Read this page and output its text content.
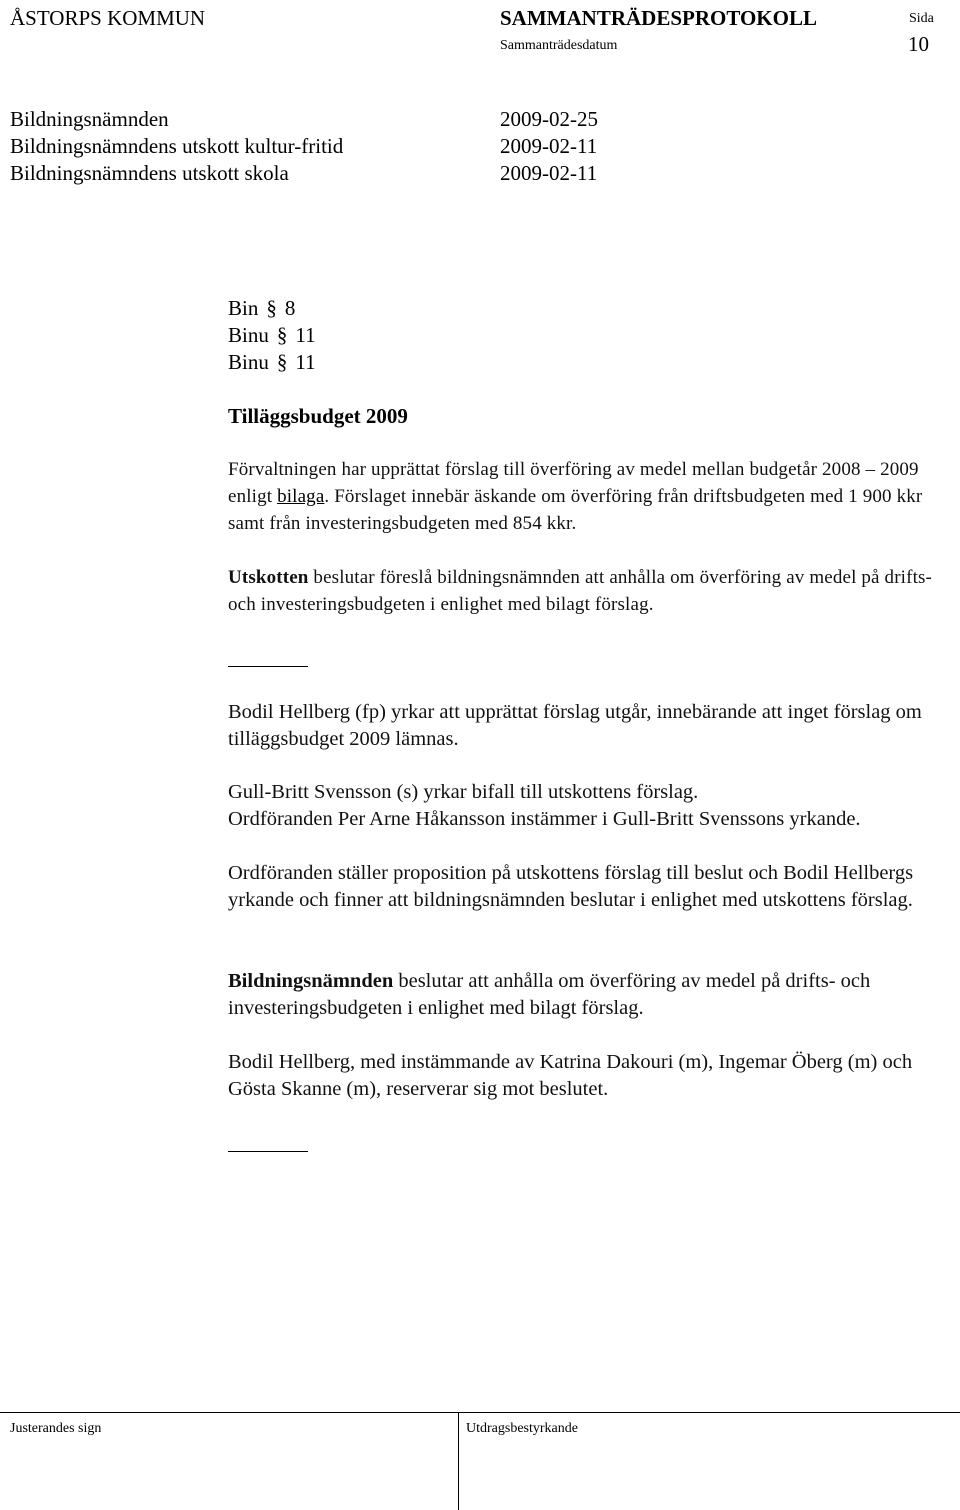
ÅSTORPS KOMMUN	SAMMANTRÄDESPROTOKOLL	Sida
Sammanträdesdatum	10
Bildningsnämnden	2009-02-25
Bildningsnämndens utskott kultur-fritid	2009-02-11
Bildningsnämndens utskott skola	2009-02-11
Bin § 8
Binu § 11
Binu § 11
Tilläggsbudget 2009
Förvaltningen har upprättat förslag till överföring av medel mellan budgetår 2008 – 2009 enligt bilaga. Förslaget innebär äskande om överföring från driftsbudgeten med 1 900 kkr samt från investeringsbudgeten med 854 kkr.
Utskotten beslutar föreslå bildningsnämnden att anhålla om överföring av medel på drifts- och investeringsbudgeten i enlighet med bilagt förslag.
Bodil Hellberg (fp) yrkar att upprättat förslag utgår, innebärande att inget förslag om tilläggsbudget 2009 lämnas.
Gull-Britt Svensson (s) yrkar bifall till utskottens förslag.
Ordföranden Per Arne Håkansson instämmer i Gull-Britt Svenssons yrkande.
Ordföranden ställer proposition på utskottens förslag till beslut och Bodil Hellbergs yrkande och finner att bildningsnämnden beslutar i enlighet med utskottens förslag.
Bildningsnämnden beslutar att anhålla om överföring av medel på drifts- och investeringsbudgeten i enlighet med bilagt förslag.
Bodil Hellberg, med instämmande av Katrina Dakouri (m), Ingemar Öberg (m) och Gösta Skanne (m), reserverar sig mot beslutet.
Justerandes sign	Utdragsbestyrkande
